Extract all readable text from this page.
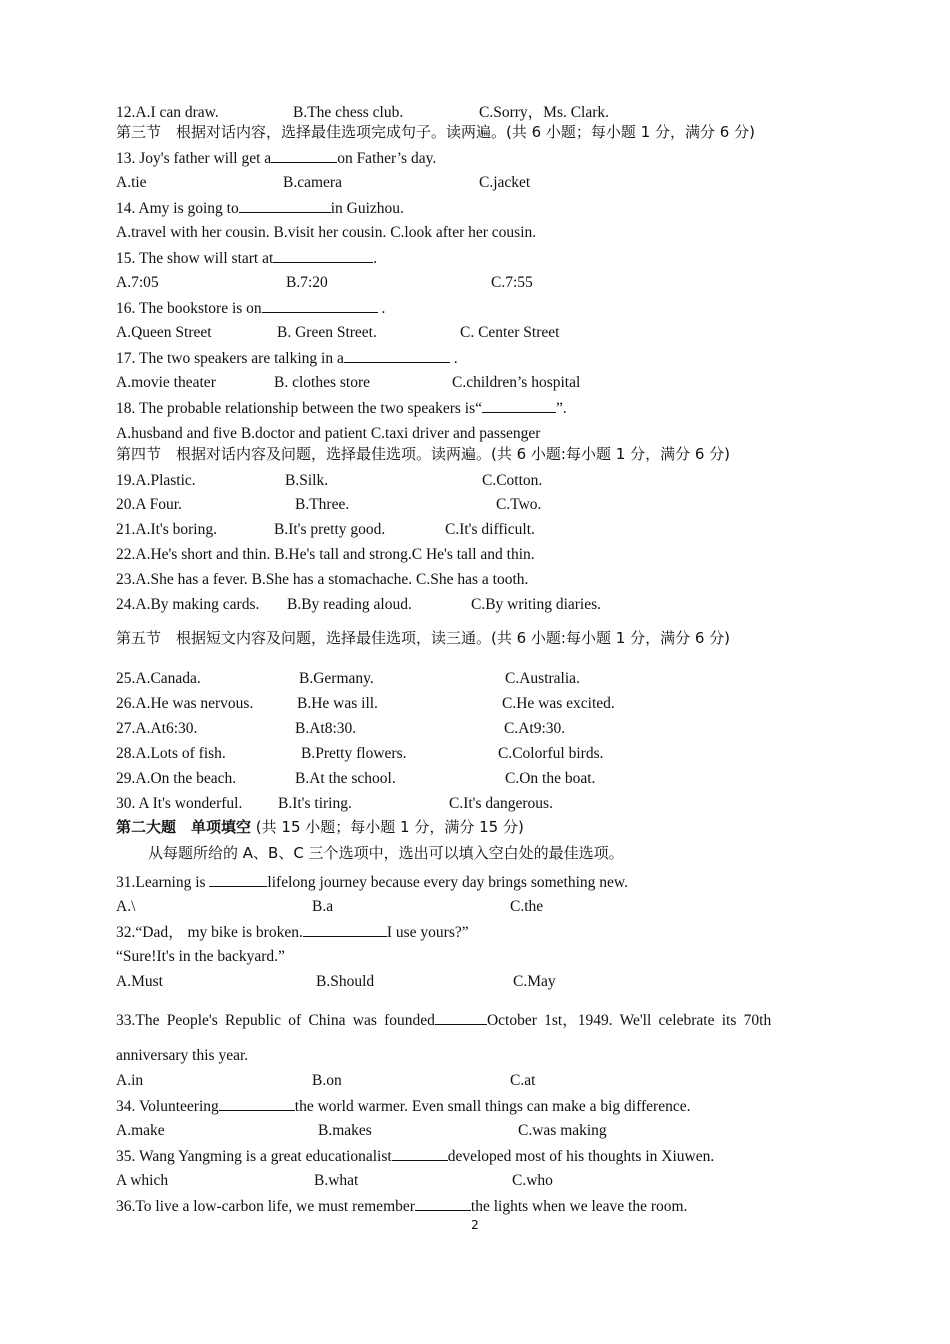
12.A.I can draw.	B.The chess club.	C.Sorry，Ms. Clark.
第三节　根据对话内容，选择最佳选项完成句子。读两遍。(共 6 小题；每小题 1 分，满分 6 分)
13. Joy's father will get a	on Father’s day.
A.tie	B.camera	C.jacket
14. Amy is going to	in Guizhou.
A.travel with her cousin. B.visit her cousin. C.look after her cousin.
15. The show will start at	.
A.7:05	B.7:20	C.7:55
16. The bookstore is on	.
A.Queen Street	B. Green Street.	C. Center Street
17. The two speakers are talking in a	.
A.movie theater	B. clothes store	C.children’s hospital
18. The probable relationship between the two speakers is“	”.
A.husband and five B.doctor and patient C.taxi driver and passenger
第四节　根据对话内容及问题，选择最佳选项。读两遍。(共 6 小题:每小题 1 分，满分 6 分)
19.A.Plastic.	B.Silk.	C.Cotton.
20.A Four.	B.Three.	C.Two.
21.A.It's boring.	B.It's pretty good.	C.It's difficult.
22.A.He's short and thin. B.He's tall and strong.C He's tall and thin.
23.A.She has a fever. B.She has a stomachache. C.She has a tooth.
24.A.By making cards. B.By reading aloud.	C.By writing diaries.
第五节　根据短文内容及问题，选择最佳选项，读三通。(共 6 小题:每小题 1 分，满分 6 分)
25.A.Canada.	B.Germany.	C.Australia.
26.A.He was nervous.	B.He was ill.	C.He was excited.
27.A.At6:30.	B.At8:30.	C.At9:30.
28.A.Lots of fish.	B.Pretty flowers.	C.Colorful birds.
29.A.On the beach.	B.At the school.	C.On the boat.
30. A It's wonderful. B.It's tiring.	C.It's dangerous.
第二大题　单项填空 (共 15 小题；每小题 1 分，满分 15 分)
从每题所给的 A、B、C 三个选项中，选出可以填入空白处的最佳选项。
31.Learning is	lifelong journey because every day brings something new.
A.\	B.a	C.the
32.“Dad， my bike is broken.	I use yours?”
“Sure!It's in the backyard.”
A.Must	B.Should	C.May
33.The People's Republic of China was founded	October 1st，1949. We'll celebrate its 70th
anniversary this year.
A.in	B.on	C.at
34. Volunteering	the world warmer. Even small things can make a big difference.
A.make	B.makes	C.was making
35. Wang Yangming is a great educationalist	developed most of his thoughts in Xiuwen.
A which	B.what	C.who
36.To live a low-carbon life, we must remember	the lights when we leave the room.
2
